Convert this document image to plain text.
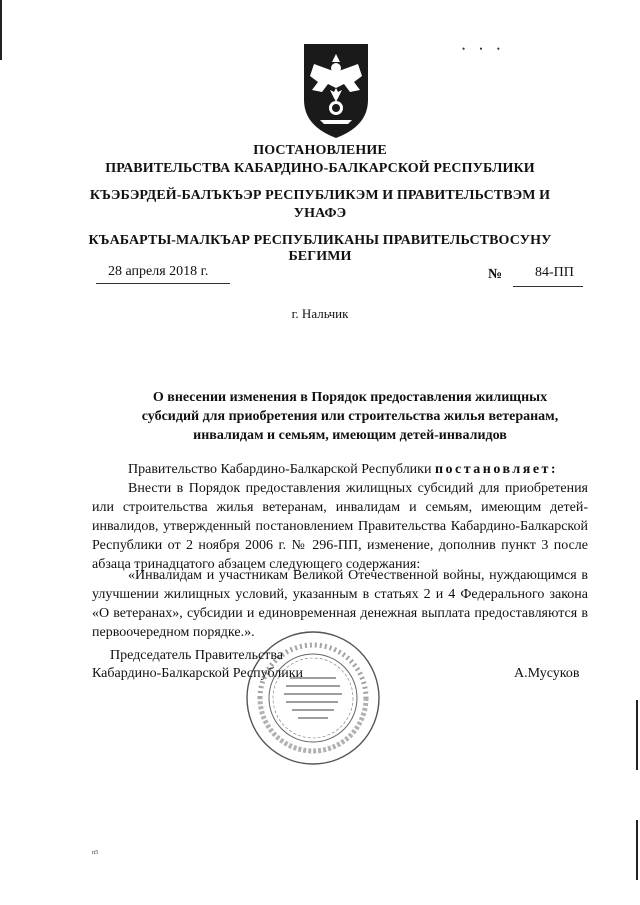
• • •
ПОСТАНОВЛЕНИЕ
ПРАВИТЕЛЬСТВА КАБАРДИНО-БАЛКАРСКОЙ РЕСПУБЛИКИ
КЪЭБЭРДЕЙ-БАЛЪКЪЭР РЕСПУБЛИКЭМ И ПРАВИТЕЛЬСТВЭМ И
УНАФЭ
КЪАБАРТЫ-МАЛКЪАР РЕСПУБЛИКАНЫ ПРАВИТЕЛЬСТВОСУНУ
БЕГИМИ
28 апреля 2018 г.	№ 84-ПП
г. Нальчик
О внесении изменения в Порядок предоставления жилищных
субсидий для приобретения или строительства жилья ветеранам,
инвалидам и семьям, имеющим детей-инвалидов

Правительство Кабардино-Балкарской Республики постановляет:

Внести в Порядок предоставления жилищных субсидий для приобретения или строительства жилья ветеранам, инвалидам и семьям, имеющим детей-инвалидов, утвержденный постановлением Правительства Кабардино-Балкарской Республики от 2 ноября 2006 г. № 296-ПП, изменение, дополнив пункт 3 после абзаца тринадцатого абзацем следующего содержания:

«Инвалидам и участникам Великой Отечественной войны, нуждающимся в улучшении жилищных условий, указанным в статьях 2 и 4 Федерального закона «О ветеранах», субсидии и единовременная денежная выплата предоставляются в первоочередном порядке.».

Председатель Правительства
Кабардино-Балкарской Республики	А.Мусуков
п5
